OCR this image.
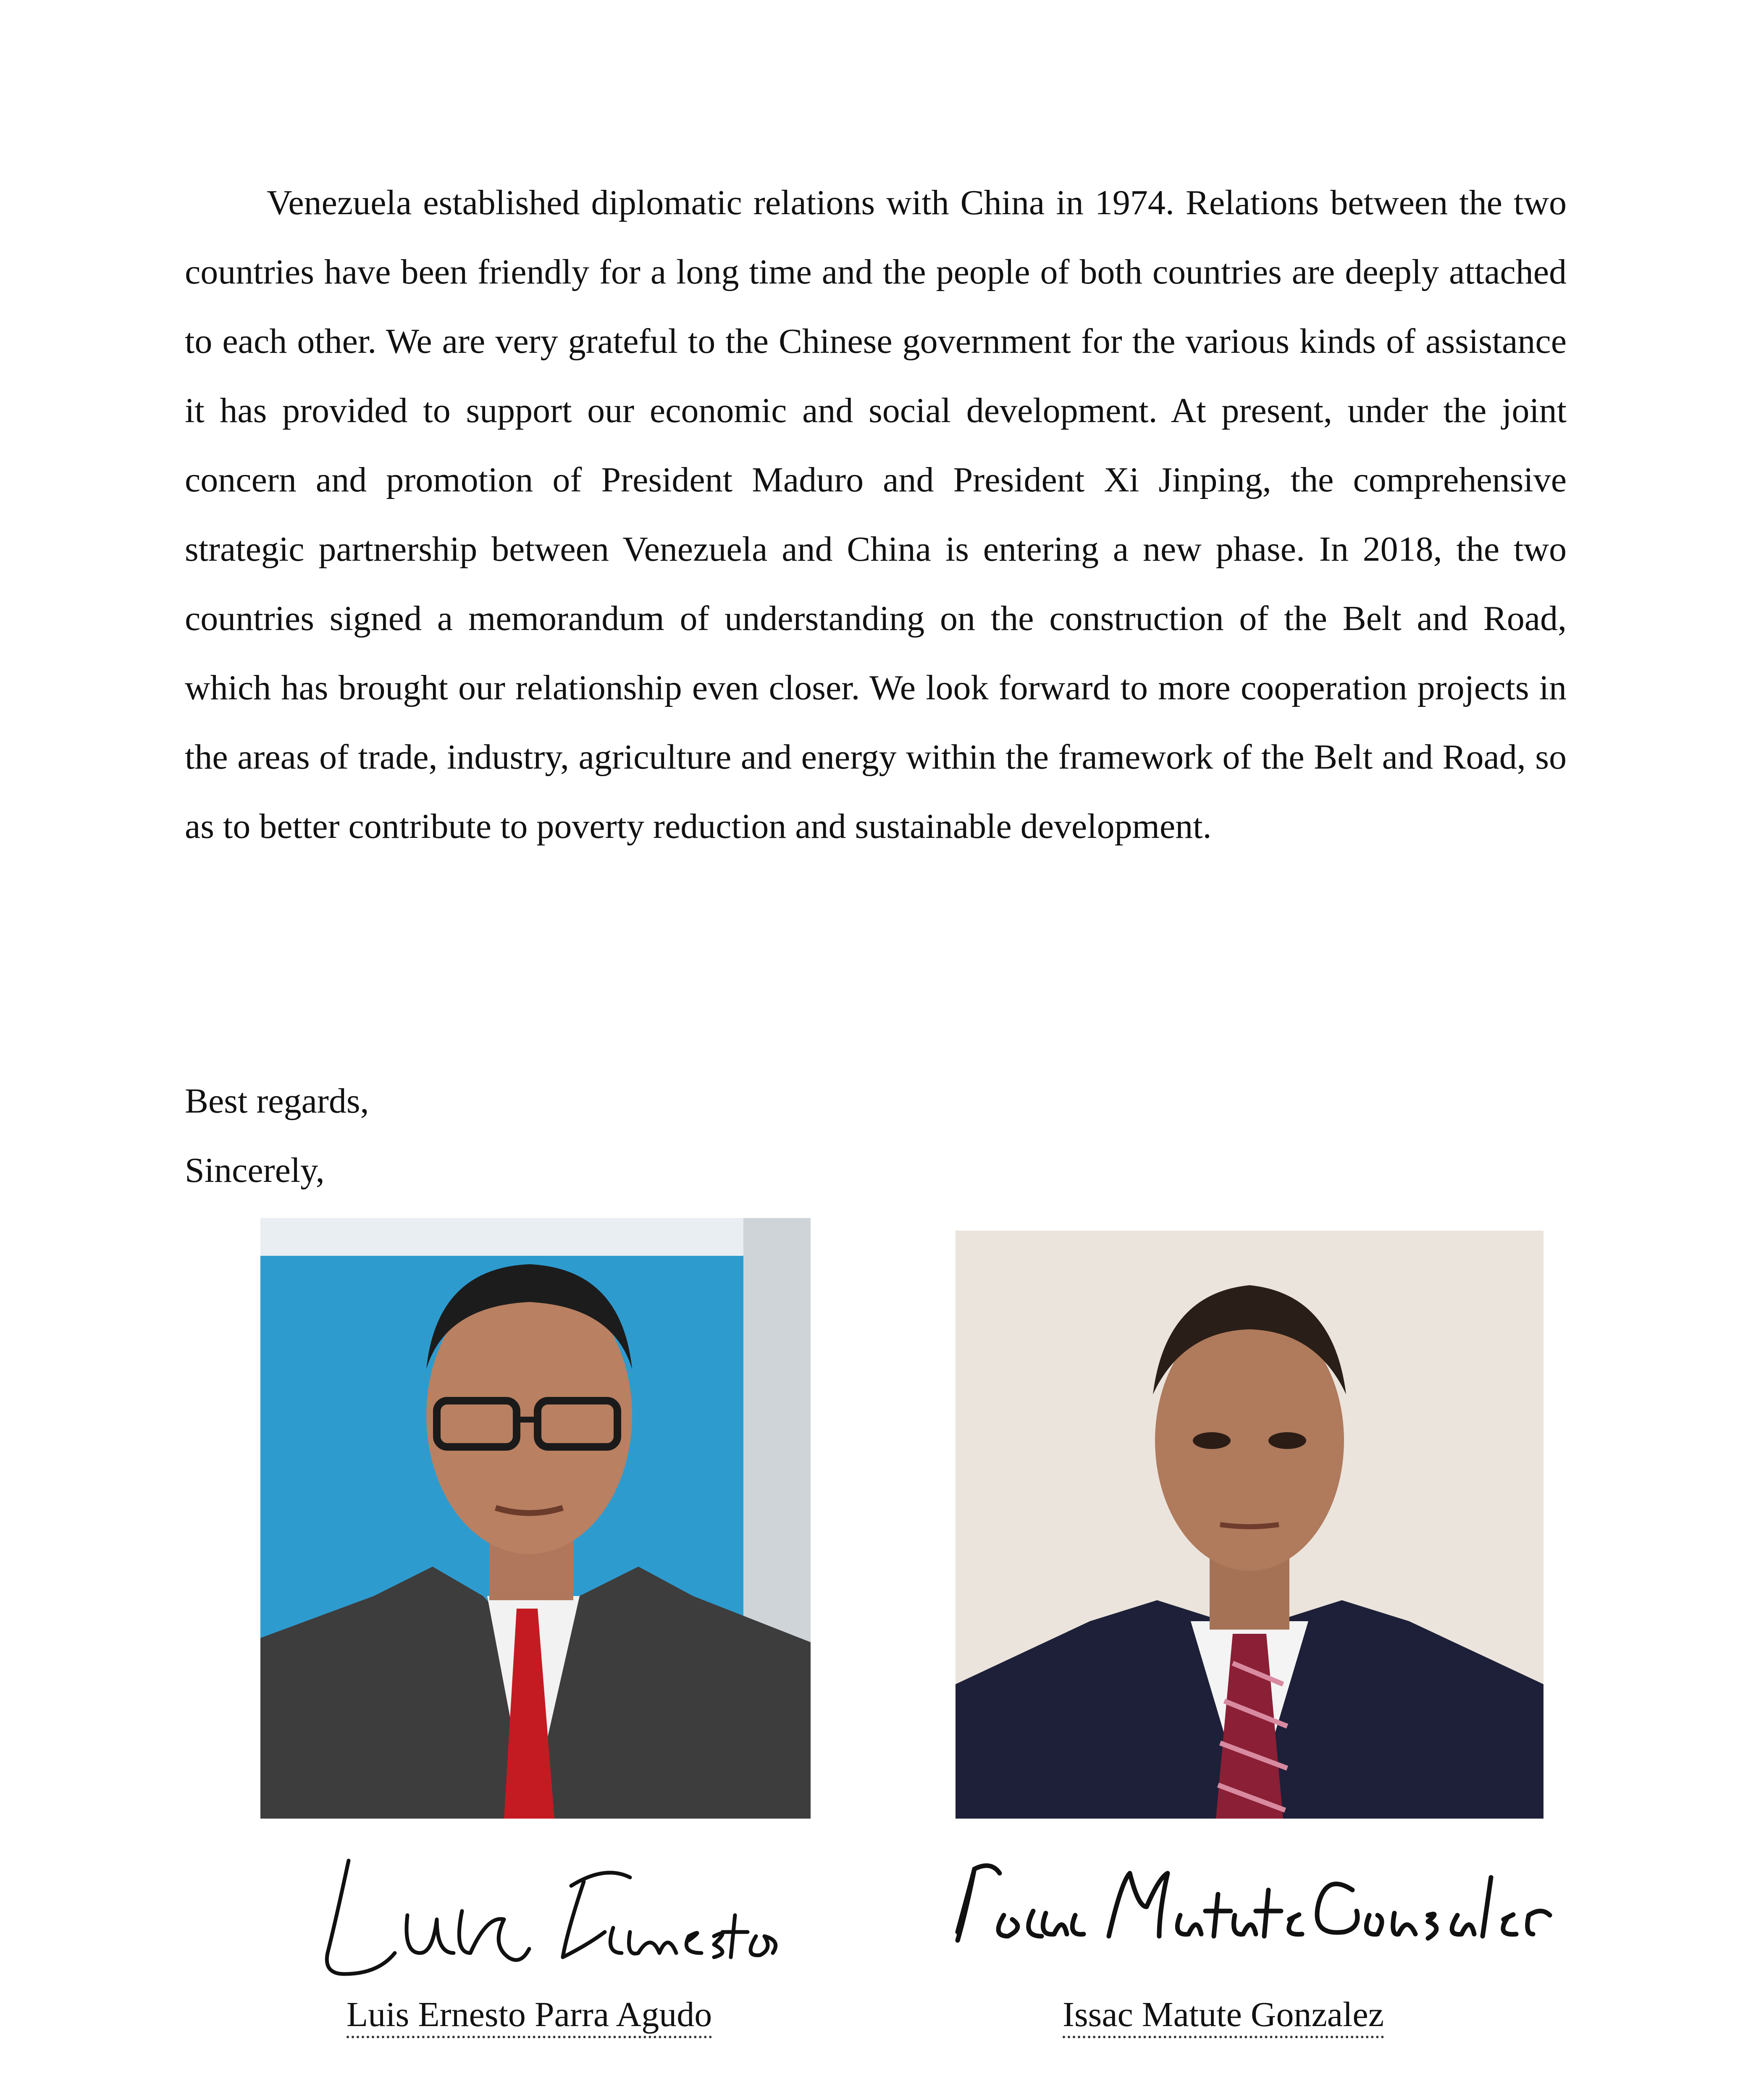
Venezuela established diplomatic relations with China in 1974. Relations between the two countries have been friendly for a long time and the people of both countries are deeply attached to each other. We are very grateful to the Chinese government for the various kinds of assistance it has provided to support our economic and social development. At present, under the joint concern and promotion of President Maduro and President Xi Jinping, the comprehensive strategic partnership between Venezuela and China is entering a new phase. In 2018, the two countries signed a memorandum of understanding on the construction of the Belt and Road, which has brought our relationship even closer. We look forward to more cooperation projects in the areas of trade, industry, agriculture and energy within the framework of the Belt and Road, so as to better contribute to poverty reduction and sustainable development.

Best regards,

Sincerely,

Luis Ernesto Parra Agudo	Issac Matute Gonzalez
